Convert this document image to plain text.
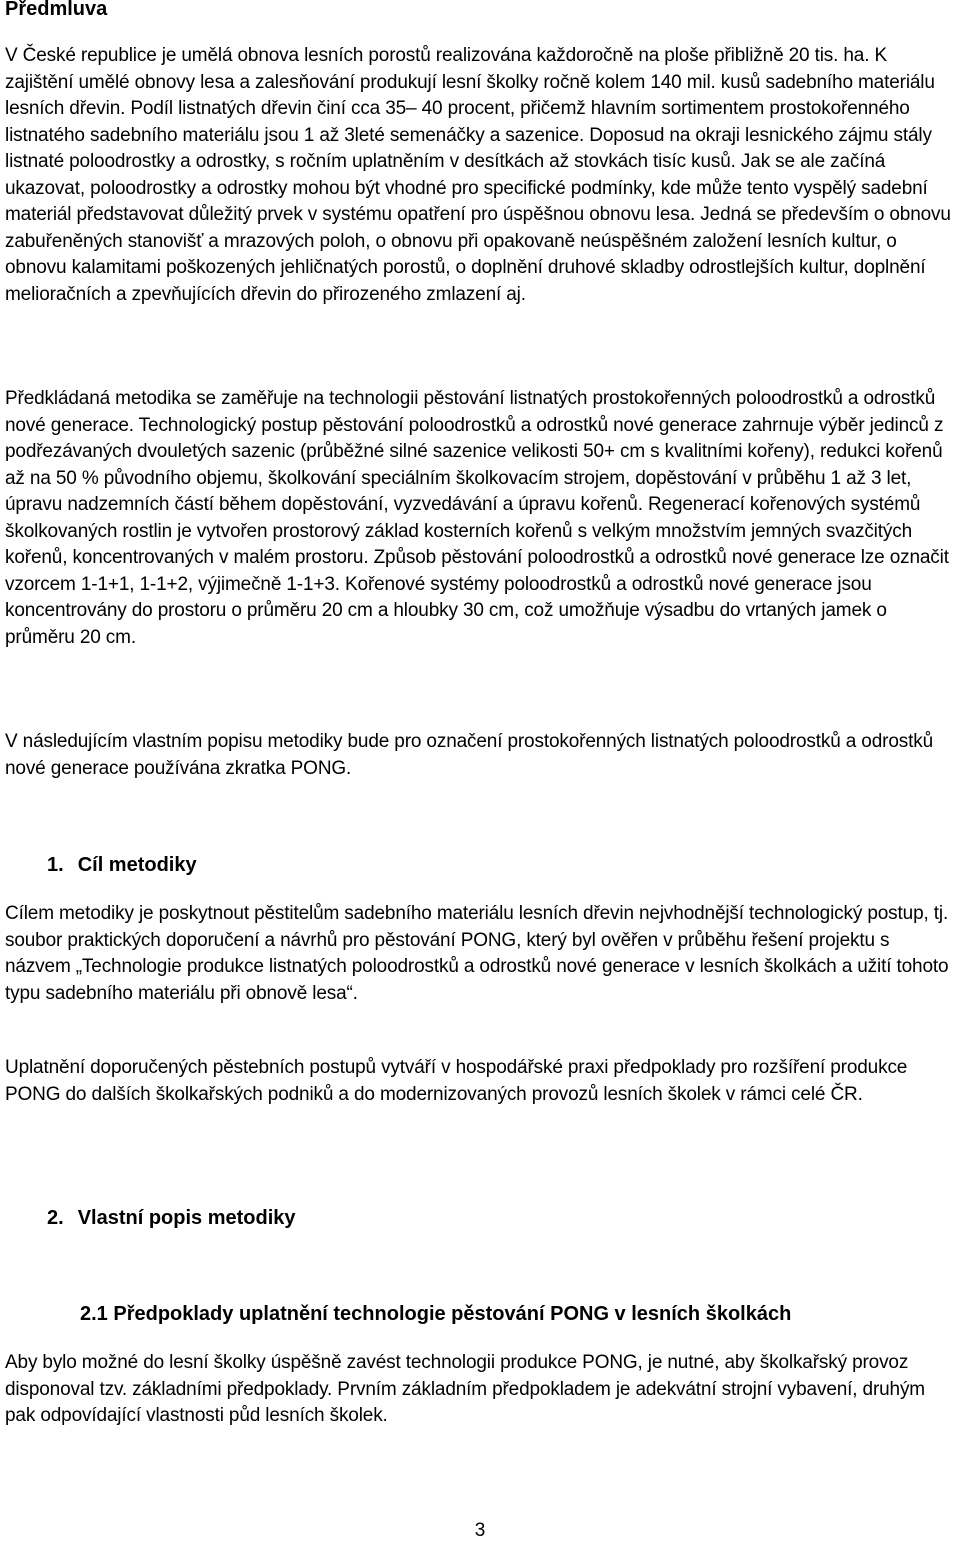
Předmluva

V České republice je umělá obnova lesních porostů realizována každoročně na ploše přibližně 20 tis. ha. K zajištění umělé obnovy lesa a zalesňování produkují lesní školky ročně kolem 140 mil. kusů sadebního materiálu lesních dřevin. Podíl listnatých dřevin činí cca 35– 40 procent, přičemž hlavním sortimentem prostokořenného listnatého sadebního materiálu jsou 1 až 3leté semenáčky a sazenice. Doposud na okraji lesnického zájmu stály listnaté poloodrostky a odrostky, s ročním uplatněním v desítkách až stovkách tisíc kusů. Jak se ale začíná ukazovat, poloodrostky a odrostky mohou být vhodné pro specifické podmínky, kde může tento vyspělý sadební materiál představovat důležitý prvek v systému opatření pro úspěšnou obnovu lesa. Jedná se především o obnovu zabuřeněných stanovišť a mrazových poloh, o obnovu při opakovaně neúspěšném založení lesních kultur, o obnovu kalamitami poškozených jehličnatých porostů, o doplnění druhové skladby odrostlejších kultur, doplnění melioračních a zpevňujících dřevin do přirozeného zmlazení aj.

Předkládaná metodika se zaměřuje na technologii pěstování listnatých prostokořenných poloodrostků a odrostků nové generace. Technologický postup pěstování poloodrostků a odrostků nové generace zahrnuje výběr jedinců z podřezávaných dvouletých sazenic (průběžné silné sazenice velikosti 50+ cm s kvalitními kořeny), redukci kořenů až na 50 % původního objemu, školkování speciálním školkovacím strojem, dopěstování v průběhu 1 až 3 let, úpravu nadzemních částí během dopěstování, vyzvedávání a úpravu kořenů. Regenerací kořenových systémů školkovaných rostlin je vytvořen prostorový základ kosterních kořenů s velkým množstvím jemných svazčitých kořenů, koncentrovaných v malém prostoru. Způsob pěstování poloodrostků a odrostků nové generace lze označit vzorcem 1-1+1, 1-1+2, výjimečně 1-1+3. Kořenové systémy poloodrostků a odrostků nové generace jsou koncentrovány do prostoru o průměru 20 cm a hloubky 30 cm, což umožňuje výsadbu do vrtaných jamek o průměru 20 cm.

V následujícím vlastním popisu metodiky bude pro označení prostokořenných listnatých poloodrostků a odrostků nové generace používána zkratka PONG.

1. Cíl metodiky

Cílem metodiky je poskytnout pěstitelům sadebního materiálu lesních dřevin nejvhodnější technologický postup, tj. soubor praktických doporučení a návrhů pro pěstování PONG, který byl ověřen v průběhu řešení projektu s názvem „Technologie produkce listnatých poloodrostků a odrostků nové generace v lesních školkách a užití tohoto typu sadebního materiálu při obnově lesa“.

Uplatnění doporučených pěstebních postupů vytváří v hospodářské praxi předpoklady pro rozšíření produkce PONG do dalších školkařských podniků a do modernizovaných provozů lesních školek v rámci celé ČR.

2. Vlastní popis metodiky
2.1 Předpoklady uplatnění technologie pěstování PONG v lesních školkách

Aby bylo možné do lesní školky úspěšně zavést technologii produkce PONG, je nutné, aby školkařský provoz disponoval tzv. základními předpoklady. Prvním základním předpokladem je adekvátní strojní vybavení, druhým pak odpovídající vlastnosti půd lesních školek.

3
